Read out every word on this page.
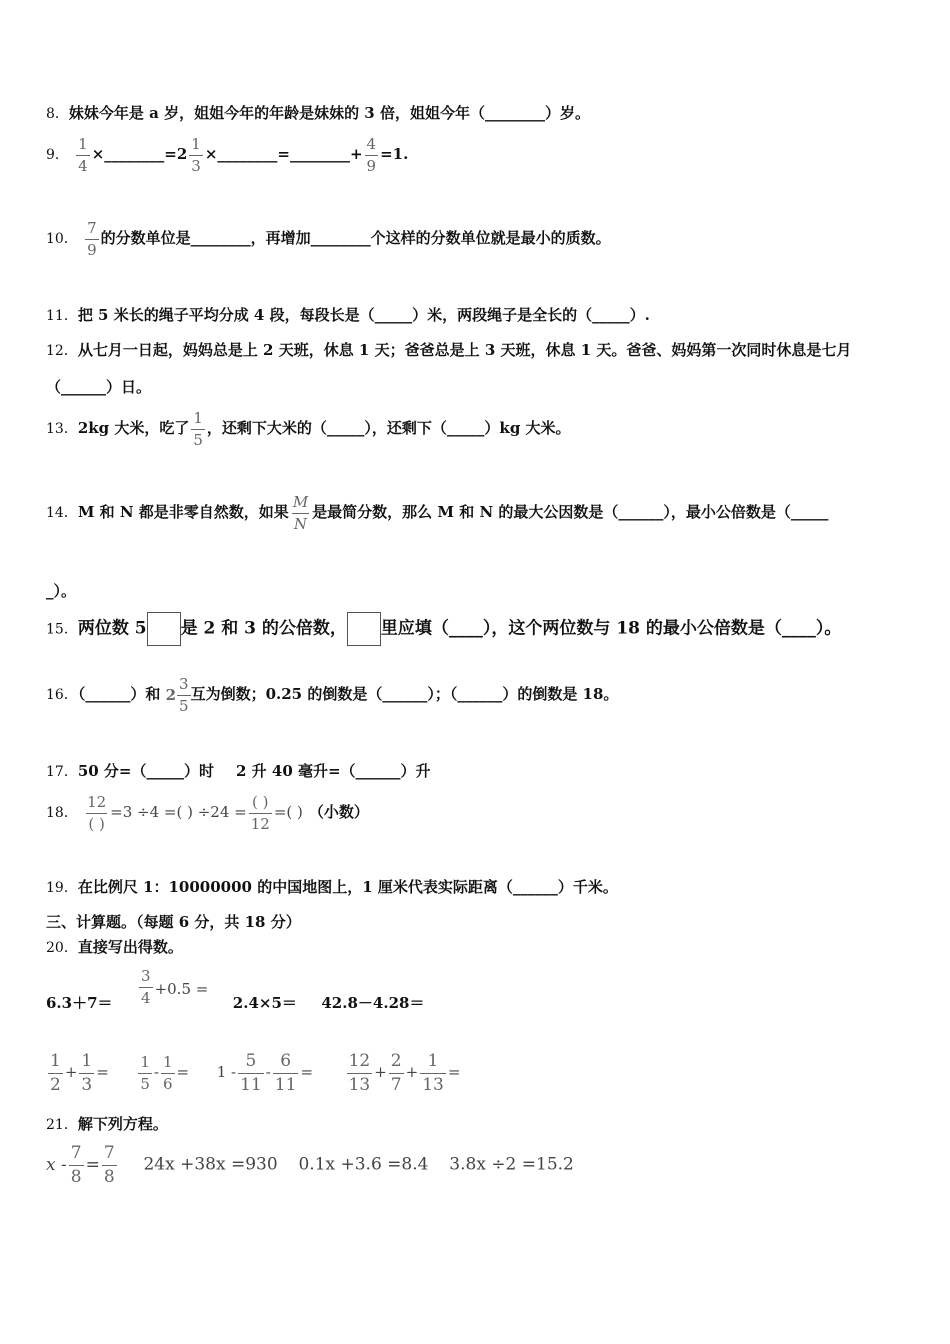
8．妹妹今年是 a 岁，姐姐今年的年龄是妹妹的 3 倍，姐姐今年（________）岁。
9． $\frac{1}{4}$ ×________=2 $\frac{1}{3}$ ×________=________+ $\frac{4}{9} =1$.
10． $\frac{7}{9}$ 的分数单位是________，再增加________个这样的分数单位就是最小的质数。
11．把 5 米长的绳子平均分成 4 段，每段长是（_____）米，两段绳子是全长的（_____）.
12．从七月一日起，妈妈总是上 2 天班，休息 1 天；爸爸总是上 3 天班，休息 1 天。爸爸、妈妈第一次同时休息是七月
（______）日。
13．2kg 大米，吃了 $\frac{1}{5}$ ，还剩下大米的（_____），还剩下（_____）kg 大米。
14．M 和 N 都是非零自然数，如果 $\frac{M}{N}$ 是最简分数，那么 M 和 N 的最大公因数是（______），最小公倍数是（_____
_）。
15．两位数 5 是 2 和 3 的公倍数， 里应填（____），这个两位数与 18 的最小公倍数是（____）。
16．（______）和 $2 \frac{3}{5}$ 互为倒数；0.25 的倒数是（______）；（______）的倒数是 18。
17．50 分=（_____）时 2 升 40 毫升=（______）升
18． $\frac{12}{( )} =3 \div 4$ =( ) $\div 24 = \frac{( )}{12}$ =( ) （小数）
19．在比例尺 1：10000000 的中国地图上，1 厘米代表实际距离（______）千米。
三、计算题。（每题 6 分，共 18 分）
20．直接写出得数。
$6.3+7= \frac{3}{4} +0.5 = 2.4\times 5= 42.8-4.28=$
$\frac{1}{2} + \frac{1}{3} = \frac{1}{5} - \frac{1}{6} = 1 - \frac{5}{11} - \frac{6}{11} = \frac{12}{13} + \frac{2}{7} + \frac{1}{13}$ =
21．解下列方程。
$x - \frac{7}{8} = \frac{7}{8} 24x +38x =930$ 0.1x +3.6 =8.4 3.8x ÷2 =15.2
